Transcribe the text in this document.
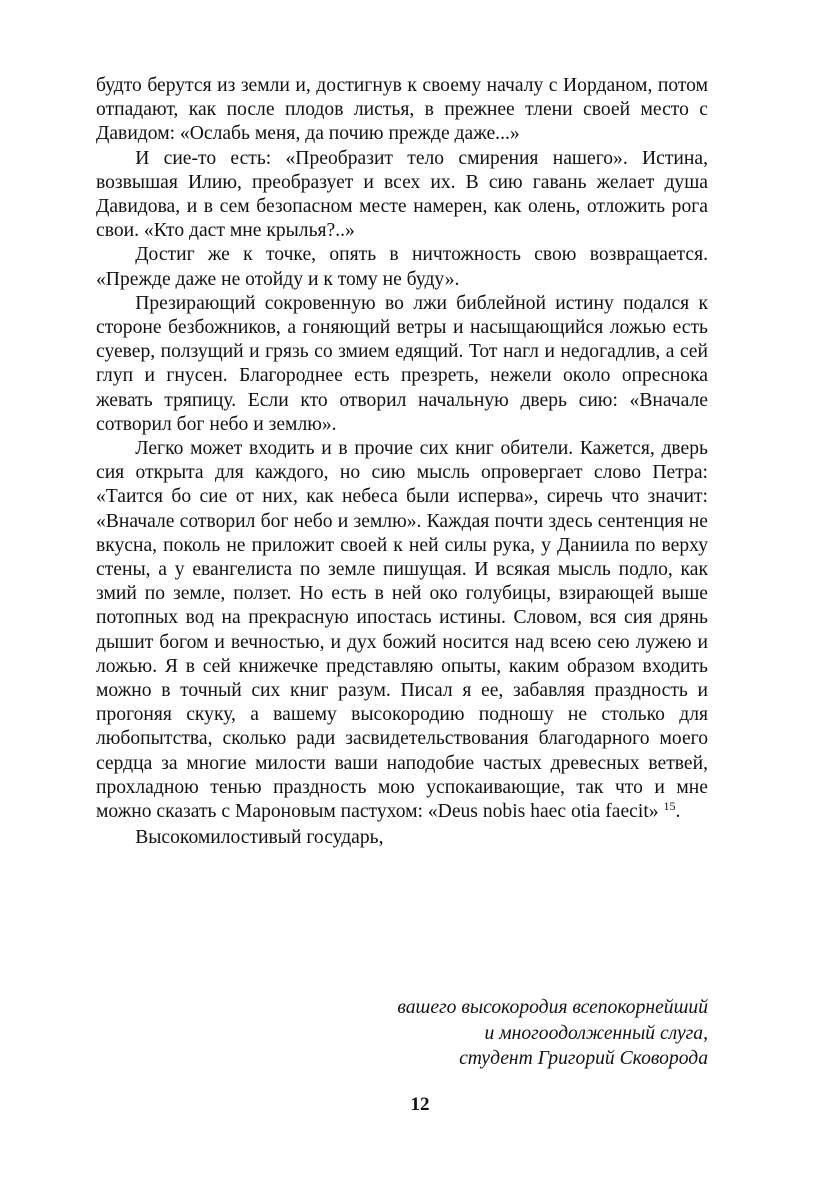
будто берутся из земли и, достигнув к своему началу с Иорданом, потом отпадают, как после плодов листья, в прежнее тлени своей место с Давидом: «Ослабь меня, да почию прежде даже...»

И сие-то есть: «Преобразит тело смирения нашего». Истина, возвышая Илию, преобразует и всех их. В сию гавань желает душа Давидова, и в сем безопасном месте намерен, как олень, отложить рога свои. «Кто даст мне крылья?..»

Достиг же к точке, опять в ничтожность свою возвращается. «Прежде даже не отойду и к тому не буду».

Презирающий сокровенную во лжи библейной истину подался к стороне безбожников, а гоняющий ветры и насыщающийся ложью есть суевер, ползущий и грязь со змием едящий. Тот нагл и недогадлив, а сей глуп и гнусен. Благороднее есть презреть, нежели около опреснока жевать тряпицу. Если кто отворил начальную дверь сию: «Вначале сотворил бог небо и землю».

Легко может входить и в прочие сих книг обители. Кажется, дверь сия открыта для каждого, но сию мысль опровергает слово Петра: «Таится бо сие от них, как небеса были исперва», сиречь что значит: «Вначале сотворил бог небо и землю». Каждая почти здесь сентенция не вкусна, поколь не приложит своей к ней силы рука, у Даниила по верху стены, а у евангелиста по земле пишущая. И всякая мысль подло, как змий по земле, ползет. Но есть в ней око голубицы, взирающей выше потопных вод на прекрасную ипостась истины. Словом, вся сия дрянь дышит богом и вечностью, и дух божий носится над всею сею лужею и ложью. Я в сей книжечке представляю опыты, каким образом входить можно в точный сих книг разум. Писал я ее, забавляя праздность и прогоняя скуку, а вашему высокородию подношу не столько для любопытства, сколько ради засвидетельствования благодарного моего сердца за многие милости ваши наподобие частых древесных ветвей, прохладною тенью праздность мою успокаивающие, так что и мне можно сказать с Мароновым пастухом: «Deus nobis haec otia faecit» $^{15}$.

Высокомилостивый государь,

вашего высокородия всепокорнейший
и многоодолженный слуга,
студент Григорий Сковорода
12
